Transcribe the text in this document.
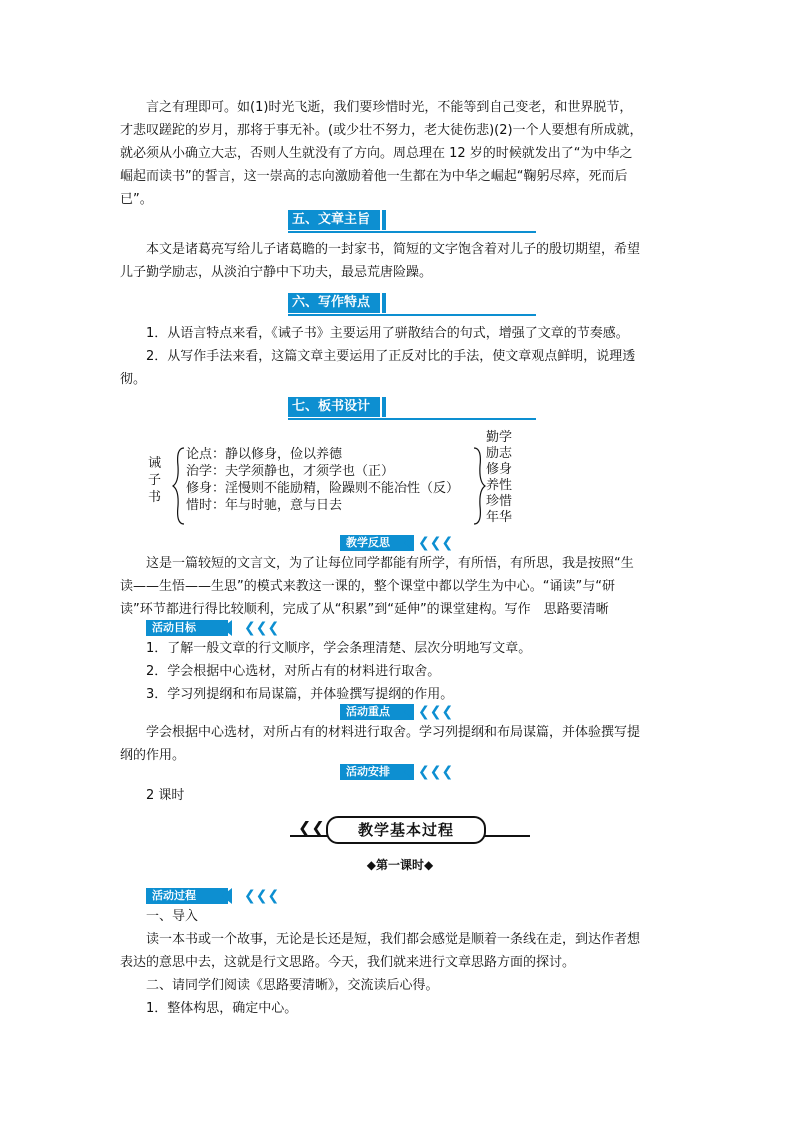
言之有理即可。如(1)时光飞逝，我们要珍惜时光，不能等到自己变老，和世界脱节，
才悲叹蹉跎的岁月，那将于事无补。(或少壮不努力，老大徒伤悲)(2)一个人要想有所成就，
就必须从小确立大志，否则人生就没有了方向。周总理在 12 岁的时候就发出了“为中华之
崛起而读书”的誓言，这一崇高的志向激励着他一生都在为中华之崛起“鞠躬尽瘁，死而后
已”。
五、文章主旨
本文是诸葛亮写给儿子诸葛瞻的一封家书，简短的文字饱含着对儿子的殷切期望，希望
儿子勤学励志，从淡泊宁静中下功夫，最忌荒唐险躁。
六、写作特点
1．从语言特点来看，《诫子书》主要运用了骈散结合的句式，增强了文章的节奏感。
2．从写作手法来看，这篇文章主要运用了正反对比的手法，使文章观点鲜明，说理透
彻。
七、板书设计
诫
子
书
论点：静以修身，俭以养德
治学：夫学须静也，才须学也（正）
修身：淫慢则不能励精，险躁则不能冶性（反）
惜时：年与时驰，意与日去
勤学
励志
修身
养性
珍惜
年华
教学反思	❮❮❮
这是一篇较短的文言文，为了让每位同学都能有所学，有所悟，有所思，我是按照“生
读——生悟——生思”的模式来教这一课的，整个课堂中都以学生为中心。“诵读”与“研
读”环节都进行得比较顺利，完成了从“积累”到“延伸”的课堂建构。写作　思路要清晰
活动目标	❮❮❮
1．了解一般文章的行文顺序，学会条理清楚、层次分明地写文章。
2．学会根据中心选材，对所占有的材料进行取舍。
3．学习列提纲和布局谋篇，并体验撰写提纲的作用。
活动重点	❮❮❮
学会根据中心选材，对所占有的材料进行取舍。学习列提纲和布局谋篇，并体验撰写提
纲的作用。
活动安排	❮❮❮
2 课时
❮❮	教学基本过程
◆第一课时◆
活动过程	❮❮❮
一、导入
读一本书或一个故事，无论是长还是短，我们都会感觉是顺着一条线在走，到达作者想
表达的意思中去，这就是行文思路。今天，我们就来进行文章思路方面的探讨。
二、请同学们阅读《思路要清晰》，交流读后心得。
1．整体构思，确定中心。
